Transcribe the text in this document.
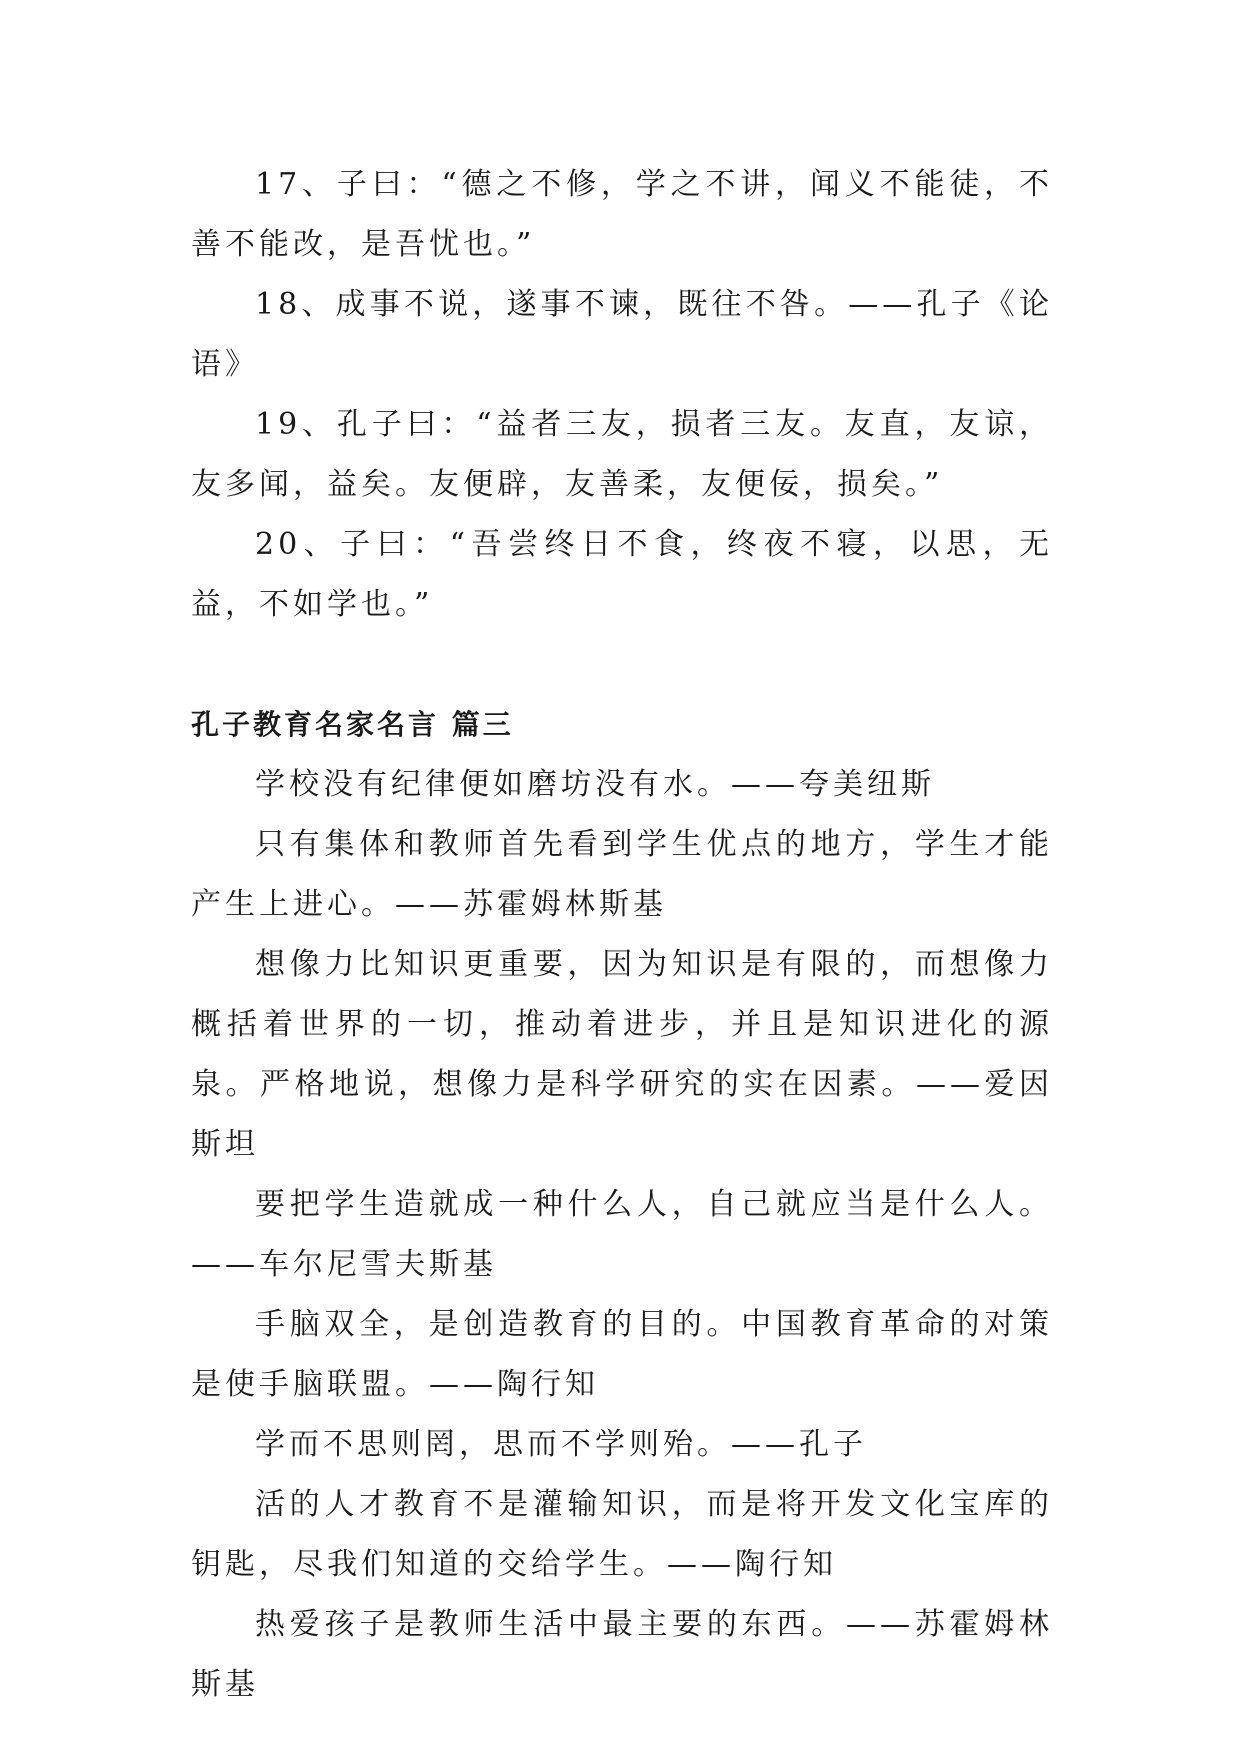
17、子曰：“德之不修，学之不讲，闻义不能徒，不善不能改，是吾忧也。”

18、成事不说，遂事不谏，既往不咎。——孔子《论语》

19、孔子曰：“益者三友，损者三友。友直，友谅，友多闻，益矣。友便辟，友善柔，友便佞，损矣。”

20、子曰：“吾尝终日不食，终夜不寝，以思，无益，不如学也。”

孔子教育名家名言 篇三

学校没有纪律便如磨坊没有水。——夸美纽斯

只有集体和教师首先看到学生优点的地方，学生才能产生上进心。——苏霍姆林斯基

想像力比知识更重要，因为知识是有限的，而想像力概括着世界的一切，推动着进步，并且是知识进化的源泉。严格地说，想像力是科学研究的实在因素。——爱因斯坦

要把学生造就成一种什么人，自己就应当是什么人。——车尔尼雪夫斯基

手脑双全，是创造教育的目的。中国教育革命的对策是使手脑联盟。——陶行知

学而不思则罔，思而不学则殆。——孔子

活的人才教育不是灌输知识，而是将开发文化宝库的钥匙，尽我们知道的交给学生。——陶行知

热爱孩子是教师生活中最主要的东西。——苏霍姆林斯基
